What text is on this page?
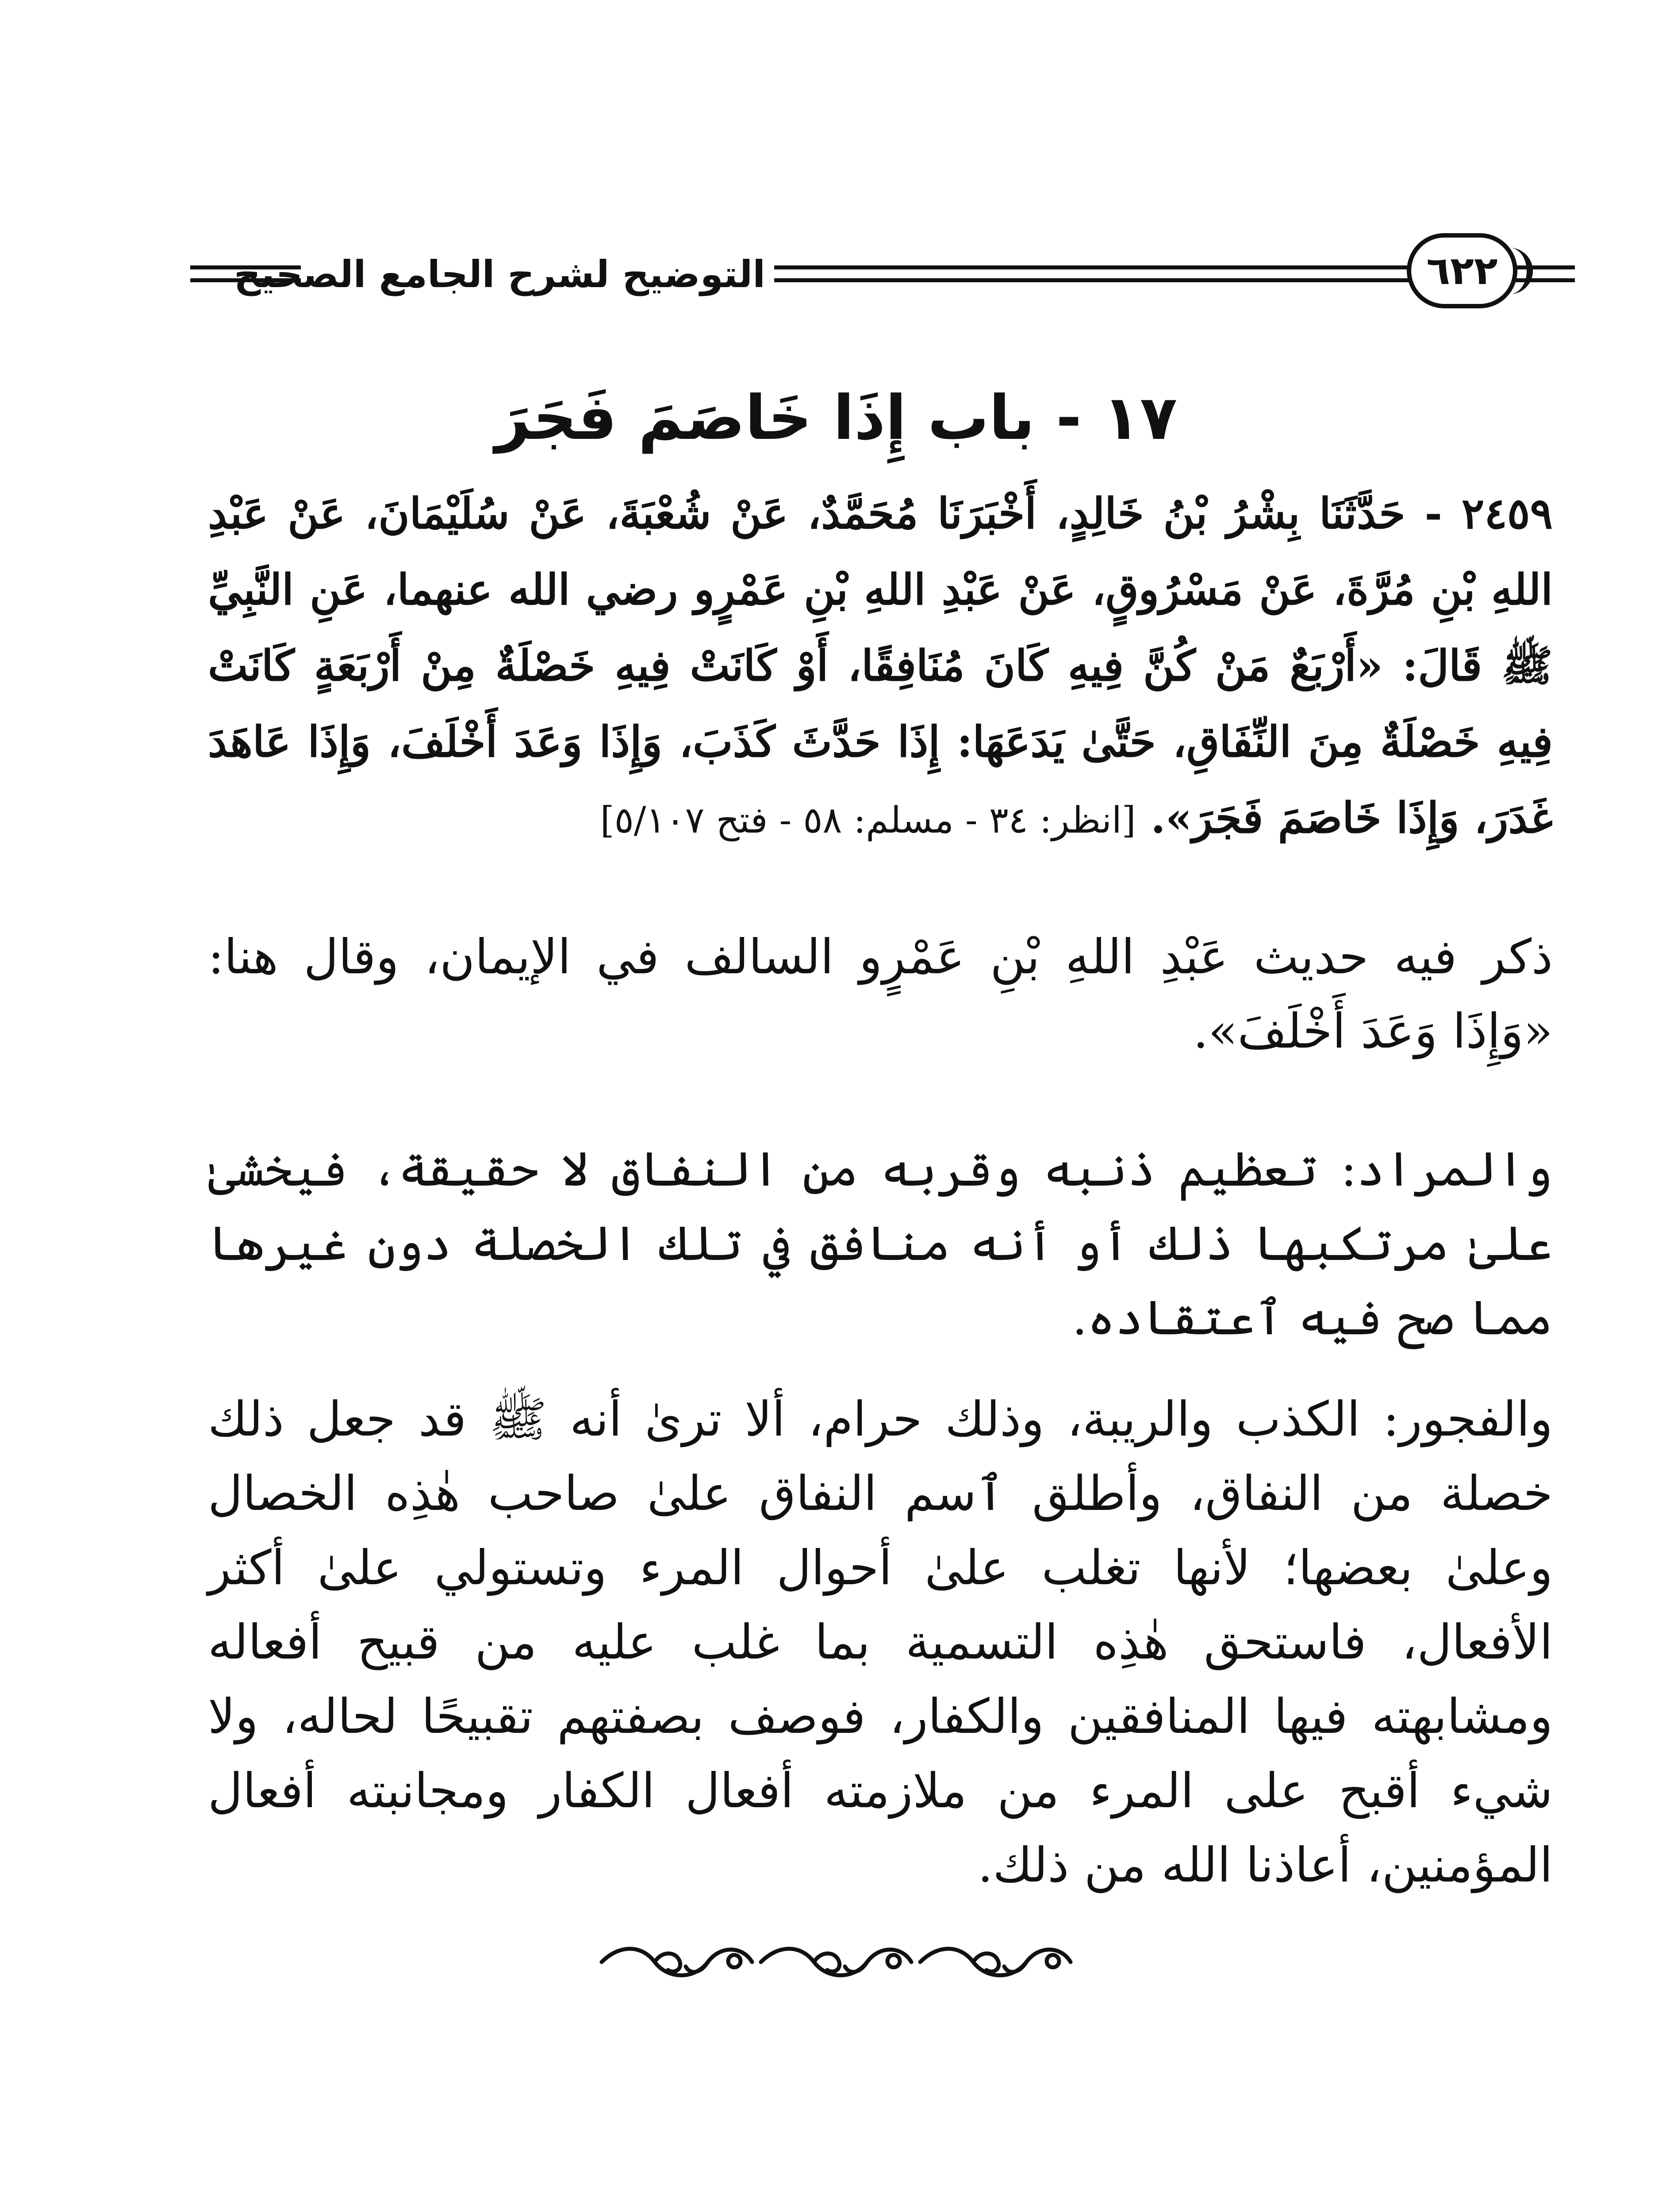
التوضيح لشرح الجامع الصحيح	٦٢٢
١٧ - باب إِذَا خَاصَمَ فَجَرَ
٢٤٥٩ - حَدَّثَنَا بِشْرُ بْنُ خَالِدٍ، أَخْبَرَنَا مُحَمَّدٌ، عَنْ شُعْبَةَ، عَنْ سُلَيْمَانَ، عَنْ عَبْدِ اللهِ بْنِ مُرَّةَ، عَنْ مَسْرُوقٍ، عَنْ عَبْدِ اللهِ بْنِ عَمْرٍو رضي الله عنهما، عَنِ النَّبِيِّ ﷺ قَالَ: «أَرْبَعٌ مَنْ كُنَّ فِيهِ كَانَ مُنَافِقًا، أَوْ كَانَتْ فِيهِ خَصْلَةٌ مِنْ أَرْبَعَةٍ كَانَتْ فِيهِ خَصْلَةٌ مِنَ النِّفَاقِ، حَتَّىٰ يَدَعَهَا: إِذَا حَدَّثَ كَذَبَ، وَإِذَا وَعَدَ أَخْلَفَ، وَإِذَا عَاهَدَ غَدَرَ، وَإِذَا خَاصَمَ فَجَرَ». [انظر: ٣٤ - مسلم: ٥٨ - فتح ٥/١٠٧]
ذكر فيه حديث عَبْدِ اللهِ بْنِ عَمْرٍو السالف في الإيمان، وقال هنا: «وَإِذَا وَعَدَ أَخْلَفَ».
والمراد: تعظيم ذنبه وقربه من النفاق لا حقيقة، فيخشىٰ علىٰ مرتكبها ذلك أو أنه منافق في تلك الخصلة دون غيرها مما صح فيه ٱعتقاده.
والفجور: الكذب والريبة، وذلك حرام، ألا ترىٰ أنه ﷺ قد جعل ذلك خصلة من النفاق، وأطلق ٱسم النفاق علىٰ صاحب هٰذِه الخصال وعلىٰ بعضها؛ لأنها تغلب علىٰ أحوال المرء وتستولي علىٰ أكثر الأفعال، فاستحق هٰذِه التسمية بما غلب عليه من قبيح أفعاله ومشابهته فيها المنافقين والكفار، فوصف بصفتهم تقبيحًا لحاله، ولا شيء أقبح على المرء من ملازمته أفعال الكفار ومجانبته أفعال المؤمنين، أعاذنا الله من ذلك.
